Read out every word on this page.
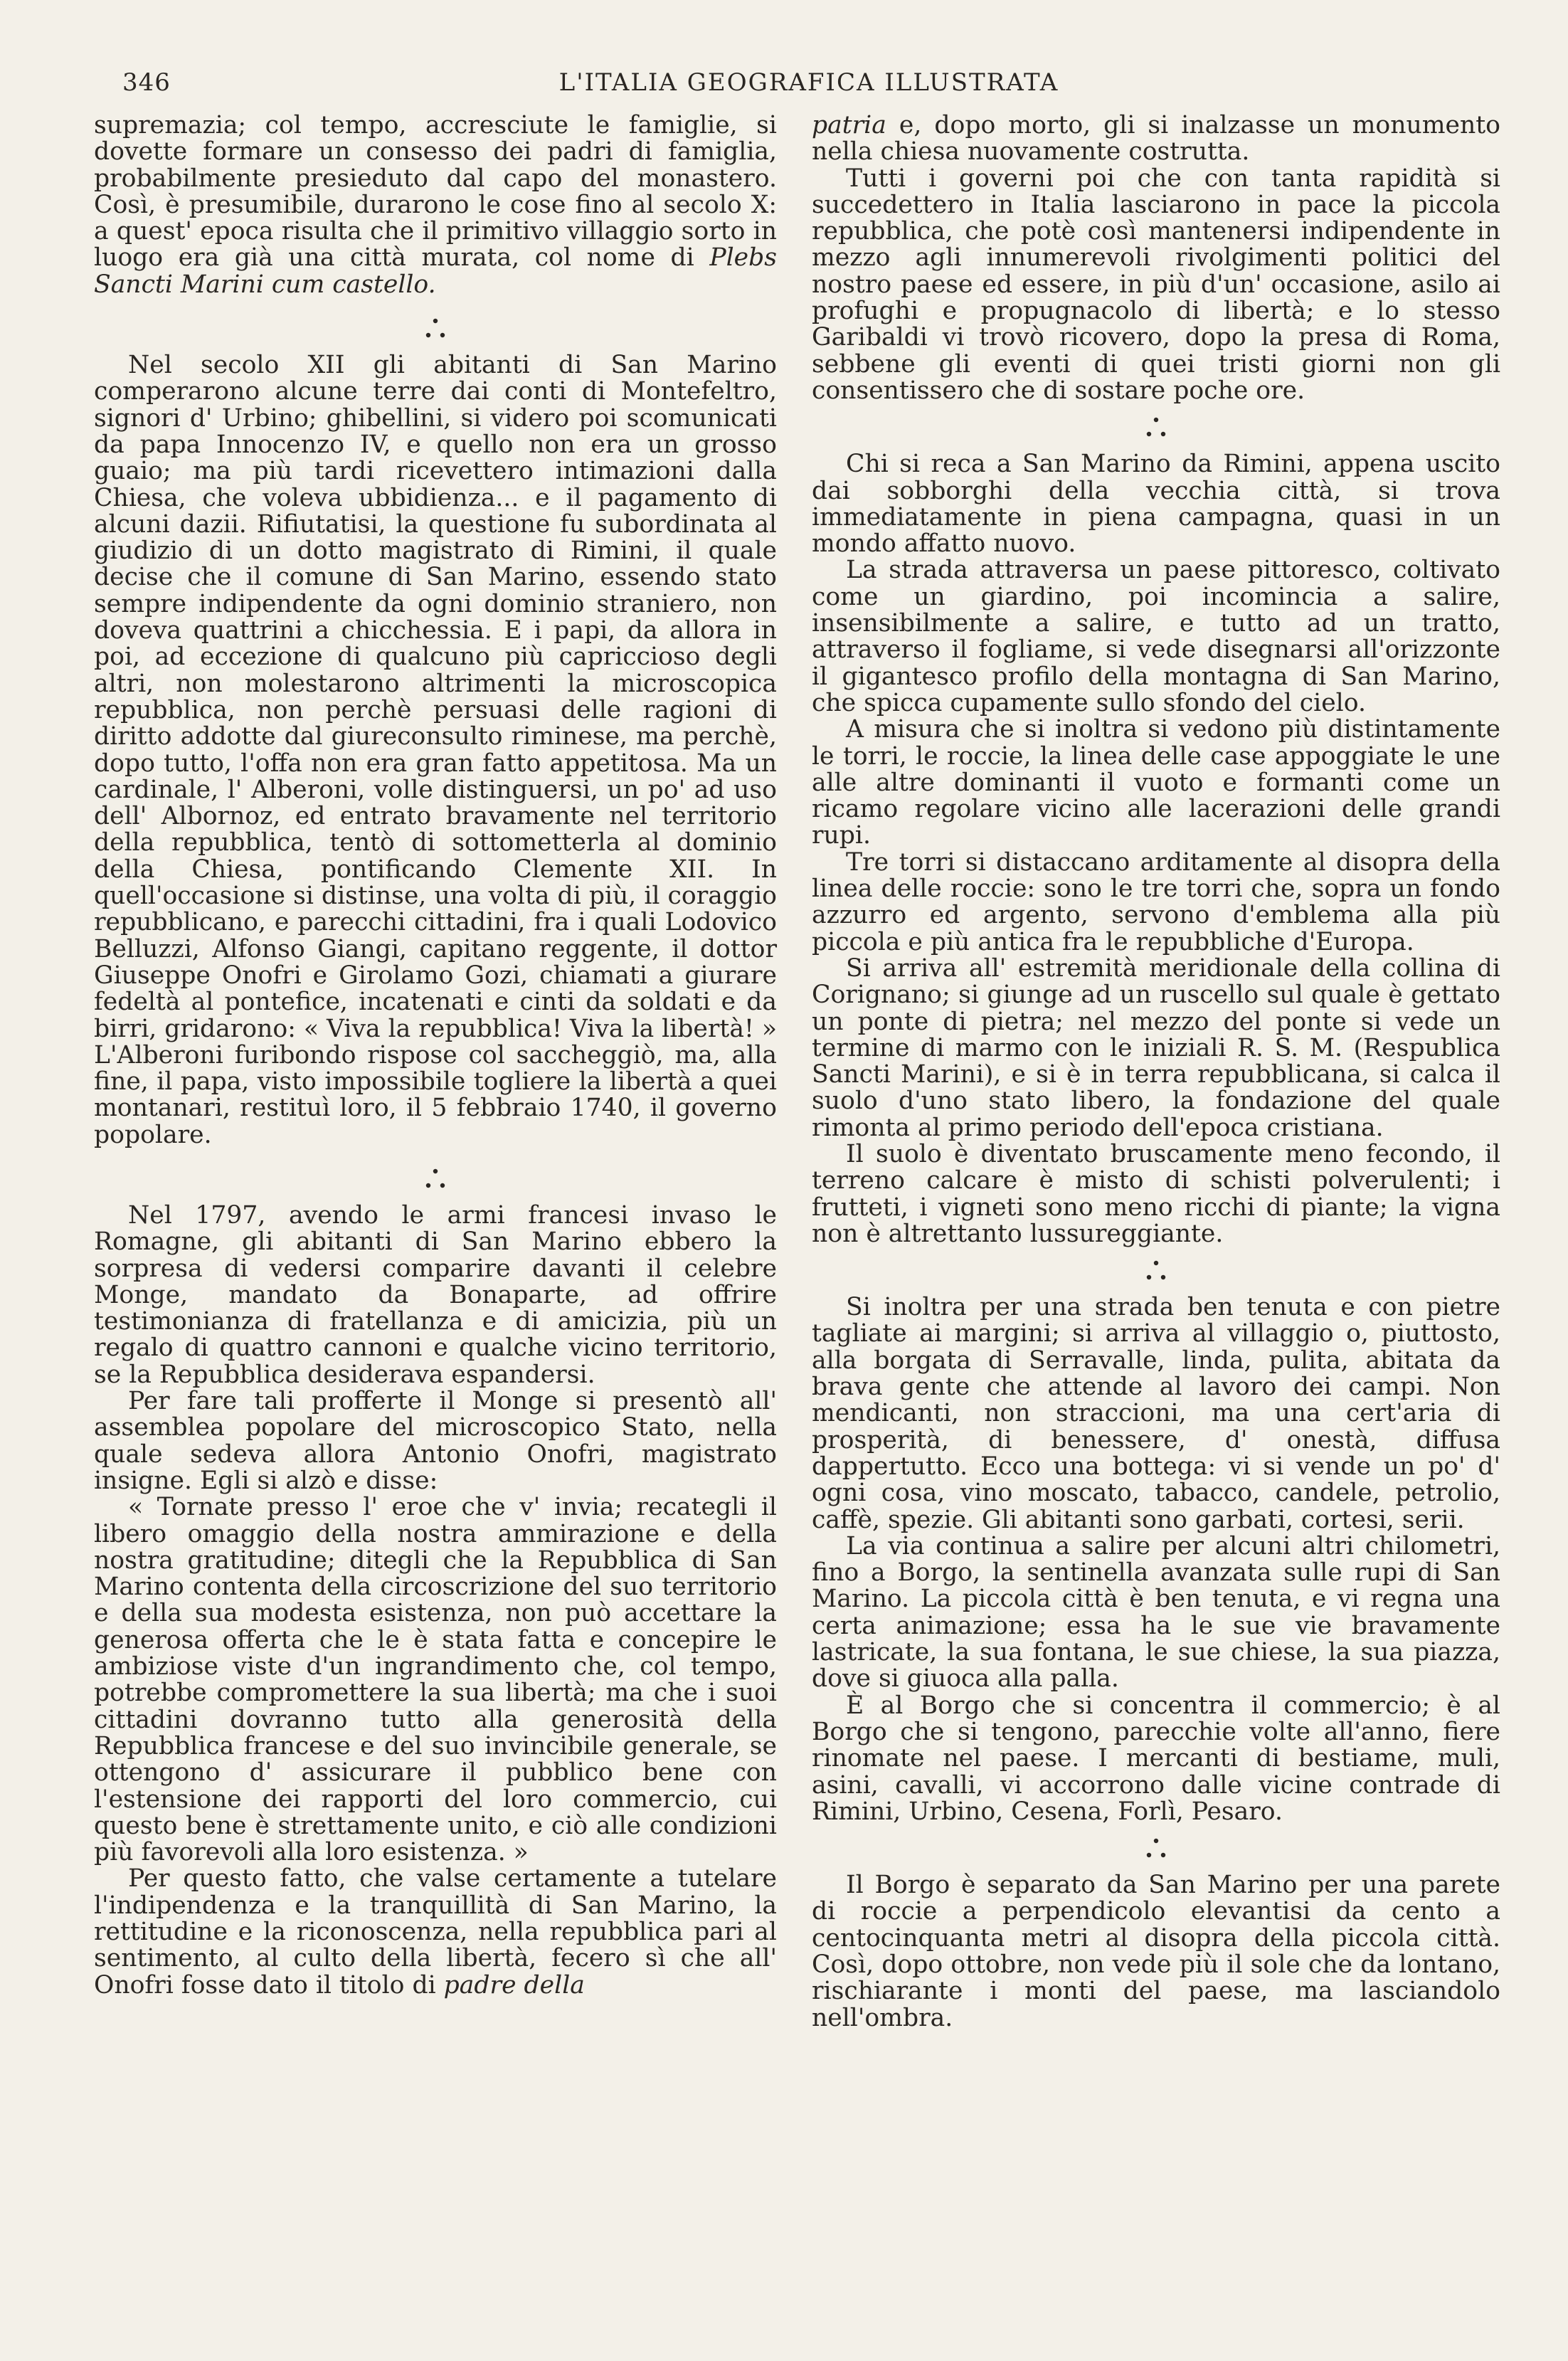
346	L'ITALIA GEOGRAFICA ILLUSTRATA

supremazia; col tempo, accresciute le famiglie, si dovette formare un consesso dei padri di famiglia, probabilmente presieduto dal capo del monastero. Così, è presumibile, durarono le cose fino al secolo X: a quest' epoca risulta che il primitivo villaggio sorto in luogo era già una città murata, col nome di Plebs Sancti Marini cum castello.

Nel secolo XII gli abitanti di San Marino comperarono alcune terre dai conti di Montefeltro, signori d' Urbino; ghibellini, si videro poi scomunicati da papa Innocenzo IV, e quello non era un grosso guaio; ma più tardi ricevettero intimazioni dalla Chiesa, che voleva ubbidienza... e il pagamento di alcuni dazii. Rifiutatisi, la questione fu subordinata al giudizio di un dotto magistrato di Rimini, il quale decise che il comune di San Marino, essendo stato sempre indipendente da ogni dominio straniero, non doveva quattrini a chicchessia. E i papi, da allora in poi, ad eccezione di qualcuno più capriccioso degli altri, non molestarono altrimenti la microscopica repubblica, non perchè persuasi delle ragioni di diritto addotte dal giureconsulto riminese, ma perchè, dopo tutto, l'offa non era gran fatto appetitosa. Ma un cardinale, l' Alberoni, volle distinguersi, un po' ad uso dell' Albornoz, ed entrato bravamente nel territorio della repubblica, tentò di sottometterla al dominio della Chiesa, pontificando Clemente XII. In quell'occasione si distinse, una volta di più, il coraggio repubblicano, e parecchi cittadini, fra i quali Lodovico Belluzzi, Alfonso Giangi, capitano reggente, il dottor Giuseppe Onofri e Girolamo Gozi, chiamati a giurare fedeltà al pontefice, incatenati e cinti da soldati e da birri, gridarono: « Viva la repubblica! Viva la libertà! » L'Alberoni furibondo rispose col saccheggiò, ma, alla fine, il papa, visto impossibile togliere la libertà a quei montanari, restituì loro, il 5 febbraio 1740, il governo popolare.

Nel 1797, avendo le armi francesi invaso le Romagne, gli abitanti di San Marino ebbero la sorpresa di vedersi comparire davanti il celebre Monge, mandato da Bonaparte, ad offrire testimonianza di fratellanza e di amicizia, più un regalo di quattro cannoni e qualche vicino territorio, se la Repubblica desiderava espandersi.

Per fare tali profferte il Monge si presentò all' assemblea popolare del microscopico Stato, nella quale sedeva allora Antonio Onofri, magistrato insigne. Egli si alzò e disse:

« Tornate presso l' eroe che v' invia; recategli il libero omaggio della nostra ammirazione e della nostra gratitudine; ditegli che la Repubblica di San Marino contenta della circoscrizione del suo territorio e della sua modesta esistenza, non può accettare la generosa offerta che le è stata fatta e concepire le ambiziose viste d'un ingrandimento che, col tempo, potrebbe compromettere la sua libertà; ma che i suoi cittadini dovranno tutto alla generosità della Repubblica francese e del suo invincibile generale, se ottengono d' assicurare il pubblico bene con l'estensione dei rapporti del loro commercio, cui questo bene è strettamente unito, e ciò alle condizioni più favorevoli alla loro esistenza. »

Per questo fatto, che valse certamente a tutelare l'indipendenza e la tranquillità di San Marino, la rettitudine e la riconoscenza, nella repubblica pari al sentimento, al culto della libertà, fecero sì che all' Onofri fosse dato il titolo di padre della

patria e, dopo morto, gli si inalzasse un monumento nella chiesa nuovamente costrutta.

Tutti i governi poi che con tanta rapidità si succedettero in Italia lasciarono in pace la piccola repubblica, che potè così mantenersi indipendente in mezzo agli innumerevoli rivolgimenti politici del nostro paese ed essere, in più d'un' occasione, asilo ai profughi e propugnacolo di libertà; e lo stesso Garibaldi vi trovò ricovero, dopo la presa di Roma, sebbene gli eventi di quei tristi giorni non gli consentissero che di sostare poche ore.

Chi si reca a San Marino da Rimini, appena uscito dai sobborghi della vecchia città, si trova immediatamente in piena campagna, quasi in un mondo affatto nuovo.

La strada attraversa un paese pittoresco, coltivato come un giardino, poi incomincia a salire, insensibilmente a salire, e tutto ad un tratto, attraverso il fogliame, si vede disegnarsi all'orizzonte il gigantesco profilo della montagna di San Marino, che spicca cupamente sullo sfondo del cielo.

A misura che si inoltra si vedono più distintamente le torri, le roccie, la linea delle case appoggiate le une alle altre dominanti il vuoto e formanti come un ricamo regolare vicino alle lacerazioni delle grandi rupi.

Tre torri si distaccano arditamente al disopra della linea delle roccie: sono le tre torri che, sopra un fondo azzurro ed argento, servono d'emblema alla più piccola e più antica fra le repubbliche d'Europa.

Si arriva all' estremità meridionale della collina di Corignano; si giunge ad un ruscello sul quale è gettato un ponte di pietra; nel mezzo del ponte si vede un termine di marmo con le iniziali R. S. M. (Respublica Sancti Marini), e si è in terra repubblicana, si calca il suolo d'uno stato libero, la fondazione del quale rimonta al primo periodo dell'epoca cristiana.

Il suolo è diventato bruscamente meno fecondo, il terreno calcare è misto di schisti polverulenti; i frutteti, i vigneti sono meno ricchi di piante; la vigna non è altrettanto lussureggiante.

Si inoltra per una strada ben tenuta e con pietre tagliate ai margini; si arriva al villaggio o, piuttosto, alla borgata di Serravalle, linda, pulita, abitata da brava gente che attende al lavoro dei campi. Non mendicanti, non straccioni, ma una cert'aria di prosperità, di benessere, d' onestà, diffusa dappertutto. Ecco una bottega: vi si vende un po' d' ogni cosa, vino moscato, tabacco, candele, petrolio, caffè, spezie. Gli abitanti sono garbati, cortesi, serii.

La via continua a salire per alcuni altri chilometri, fino a Borgo, la sentinella avanzata sulle rupi di San Marino. La piccola città è ben tenuta, e vi regna una certa animazione; essa ha le sue vie bravamente lastricate, la sua fontana, le sue chiese, la sua piazza, dove si giuoca alla palla.

È al Borgo che si concentra il commercio; è al Borgo che si tengono, parecchie volte all'anno, fiere rinomate nel paese. I mercanti di bestiame, muli, asini, cavalli, vi accorrono dalle vicine contrade di Rimini, Urbino, Cesena, Forlì, Pesaro.

Il Borgo è separato da San Marino per una parete di roccie a perpendicolo elevantisi da cento a centocinquanta metri al disopra della piccola città. Così, dopo ottobre, non vede più il sole che da lontano, rischiarante i monti del paese, ma lasciandolo nell'ombra.
